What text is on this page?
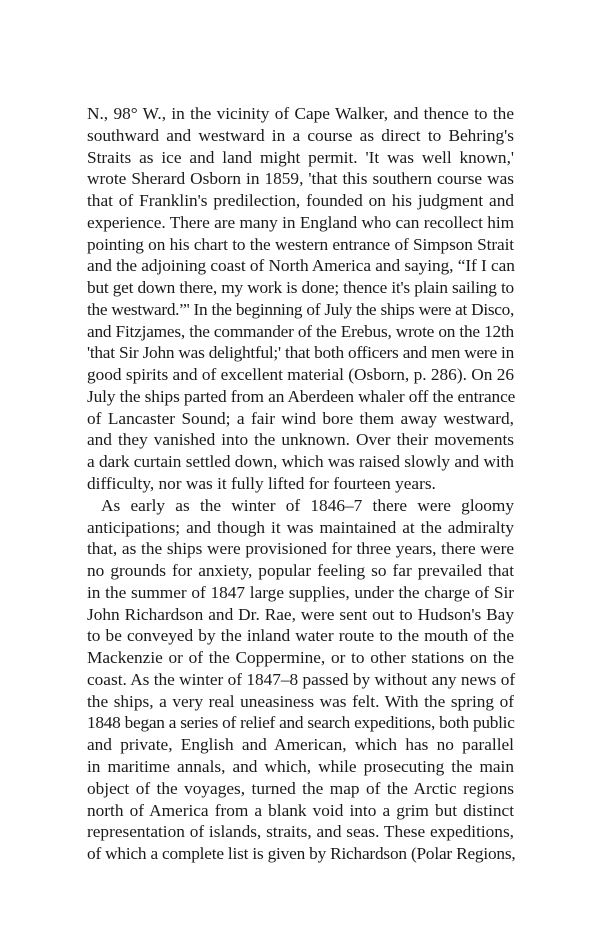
N., 98° W., in the vicinity of Cape Walker, and thence to the
southward and westward in a course as direct to Behring's
Straits as ice and land might permit. 'It was well known,'
wrote Sherard Osborn in 1859, 'that this southern course was
that of Franklin's predilection, founded on his judgment and
experience. There are many in England who can recollect him
pointing on his chart to the western entrance of Simpson Strait
and the adjoining coast of North America and saying, “If I can
but get down there, my work is done; thence it's plain sailing to
the westward.”' In the beginning of July the ships were at Disco,
and Fitzjames, the commander of the Erebus, wrote on the 12th
'that Sir John was delightful;' that both officers and men were in
good spirits and of excellent material (Osborn, p. 286). On 26
July the ships parted from an Aberdeen whaler off the entrance
of Lancaster Sound; a fair wind bore them away westward,
and they vanished into the unknown. Over their movements
a dark curtain settled down, which was raised slowly and with
difficulty, nor was it fully lifted for fourteen years.
As early as the winter of 1846–7 there were gloomy
anticipations; and though it was maintained at the admiralty
that, as the ships were provisioned for three years, there were
no grounds for anxiety, popular feeling so far prevailed that
in the summer of 1847 large supplies, under the charge of Sir
John Richardson and Dr. Rae, were sent out to Hudson's Bay
to be conveyed by the inland water route to the mouth of the
Mackenzie or of the Coppermine, or to other stations on the
coast. As the winter of 1847–8 passed by without any news of
the ships, a very real uneasiness was felt. With the spring of
1848 began a series of relief and search expeditions, both public
and private, English and American, which has no parallel
in maritime annals, and which, while prosecuting the main
object of the voyages, turned the map of the Arctic regions
north of America from a blank void into a grim but distinct
representation of islands, straits, and seas. These expeditions,
of which a complete list is given by Richardson (Polar Regions,
